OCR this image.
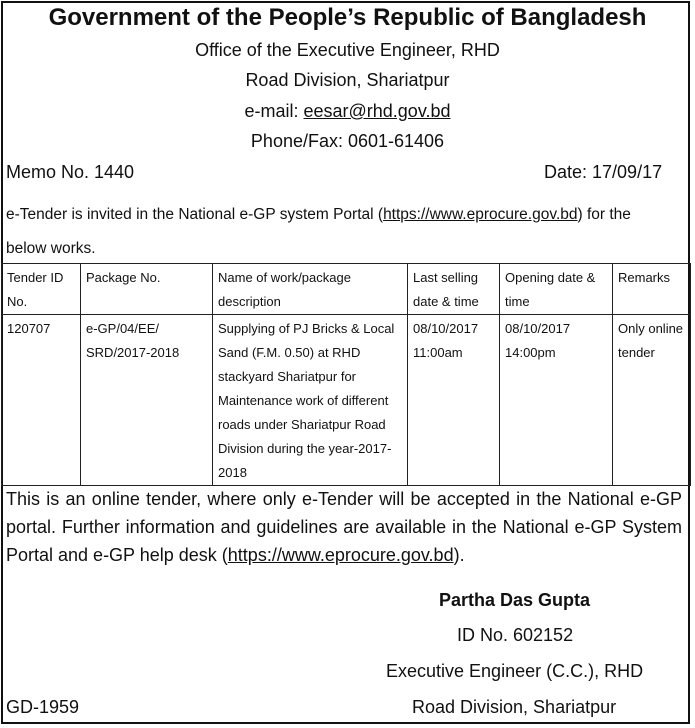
Government of the People’s Republic of Bangladesh
Office of the Executive Engineer, RHD
Road Division, Shariatpur
e-mail: eesar@rhd.gov.bd
Phone/Fax: 0601-61406
Memo No. 1440	Date: 17/09/17
e-Tender is invited in the National e-GP system Portal (https://www.eprocure.gov.bd) for the
below works.
Tender ID No.	Package No.	Name of work/package description	Last selling date & time	Opening date & time	Remarks
120707	e-GP/04/EE/ SRD/2017-2018	Supplying of PJ Bricks & Local Sand (F.M. 0.50) at RHD stackyard Shariatpur for Maintenance work of different roads under Shariatpur Road Division during the year-2017-2018	08/10/2017 11:00am	08/10/2017 14:00pm	Only online tender
This is an online tender, where only e-Tender will be accepted in the National e-GP portal. Further information and guidelines are available in the National e-GP System Portal and e-GP help desk (https://www.eprocure.gov.bd).
Partha Das Gupta
ID No. 602152
Executive Engineer (C.C.), RHD
Road Division, Shariatpur
GD-1959
